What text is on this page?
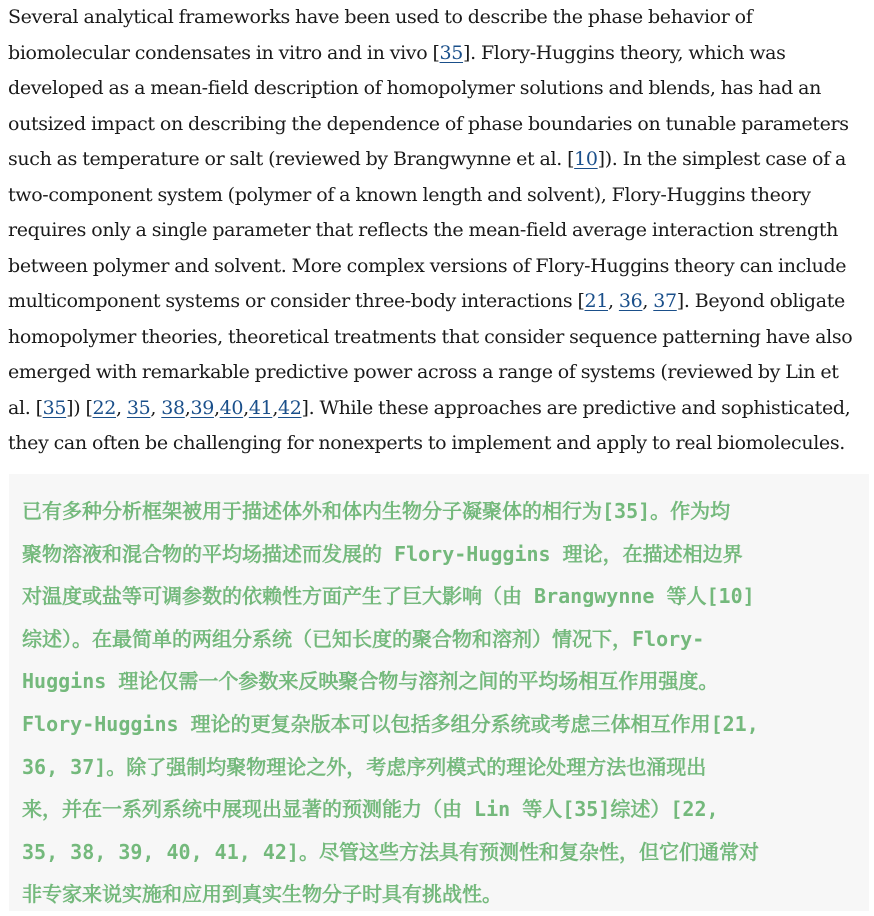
Several analytical frameworks have been used to describe the phase behavior of
biomolecular condensates in vitro and in vivo [35]. Flory-Huggins theory, which was
developed as a mean-field description of homopolymer solutions and blends, has had an
outsized impact on describing the dependence of phase boundaries on tunable parameters
such as temperature or salt (reviewed by Brangwynne et al. [10]). In the simplest case of a
two-component system (polymer of a known length and solvent), Flory-Huggins theory
requires only a single parameter that reflects the mean-field average interaction strength
between polymer and solvent. More complex versions of Flory-Huggins theory can include
multicomponent systems or consider three-body interactions [21, 36, 37]. Beyond obligate
homopolymer theories, theoretical treatments that consider sequence patterning have also
emerged with remarkable predictive power across a range of systems (reviewed by Lin et
al. [35]) [22, 35, 38,39,40,41,42]. While these approaches are predictive and sophisticated,
they can often be challenging for nonexperts to implement and apply to real biomolecules.

已有多种分析框架被用于描述体外和体内生物分子凝聚体的相行为[35]。作为均
聚物溶液和混合物的平均场描述而发展的 Flory-Huggins 理论，在描述相边界
对温度或盐等可调参数的依赖性方面产生了巨大影响（由 Brangwynne 等人[10]
综述）。在最简单的两组分系统（已知长度的聚合物和溶剂）情况下，Flory-
Huggins 理论仅需一个参数来反映聚合物与溶剂之间的平均场相互作用强度。
Flory-Huggins 理论的更复杂版本可以包括多组分系统或考虑三体相互作用[21,
36, 37]。除了强制均聚物理论之外，考虑序列模式的理论处理方法也涌现出
来，并在一系列系统中展现出显著的预测能力（由 Lin 等人[35]综述）[22,
35, 38, 39, 40, 41, 42]。尽管这些方法具有预测性和复杂性，但它们通常对
非专家来说实施和应用到真实生物分子时具有挑战性。
